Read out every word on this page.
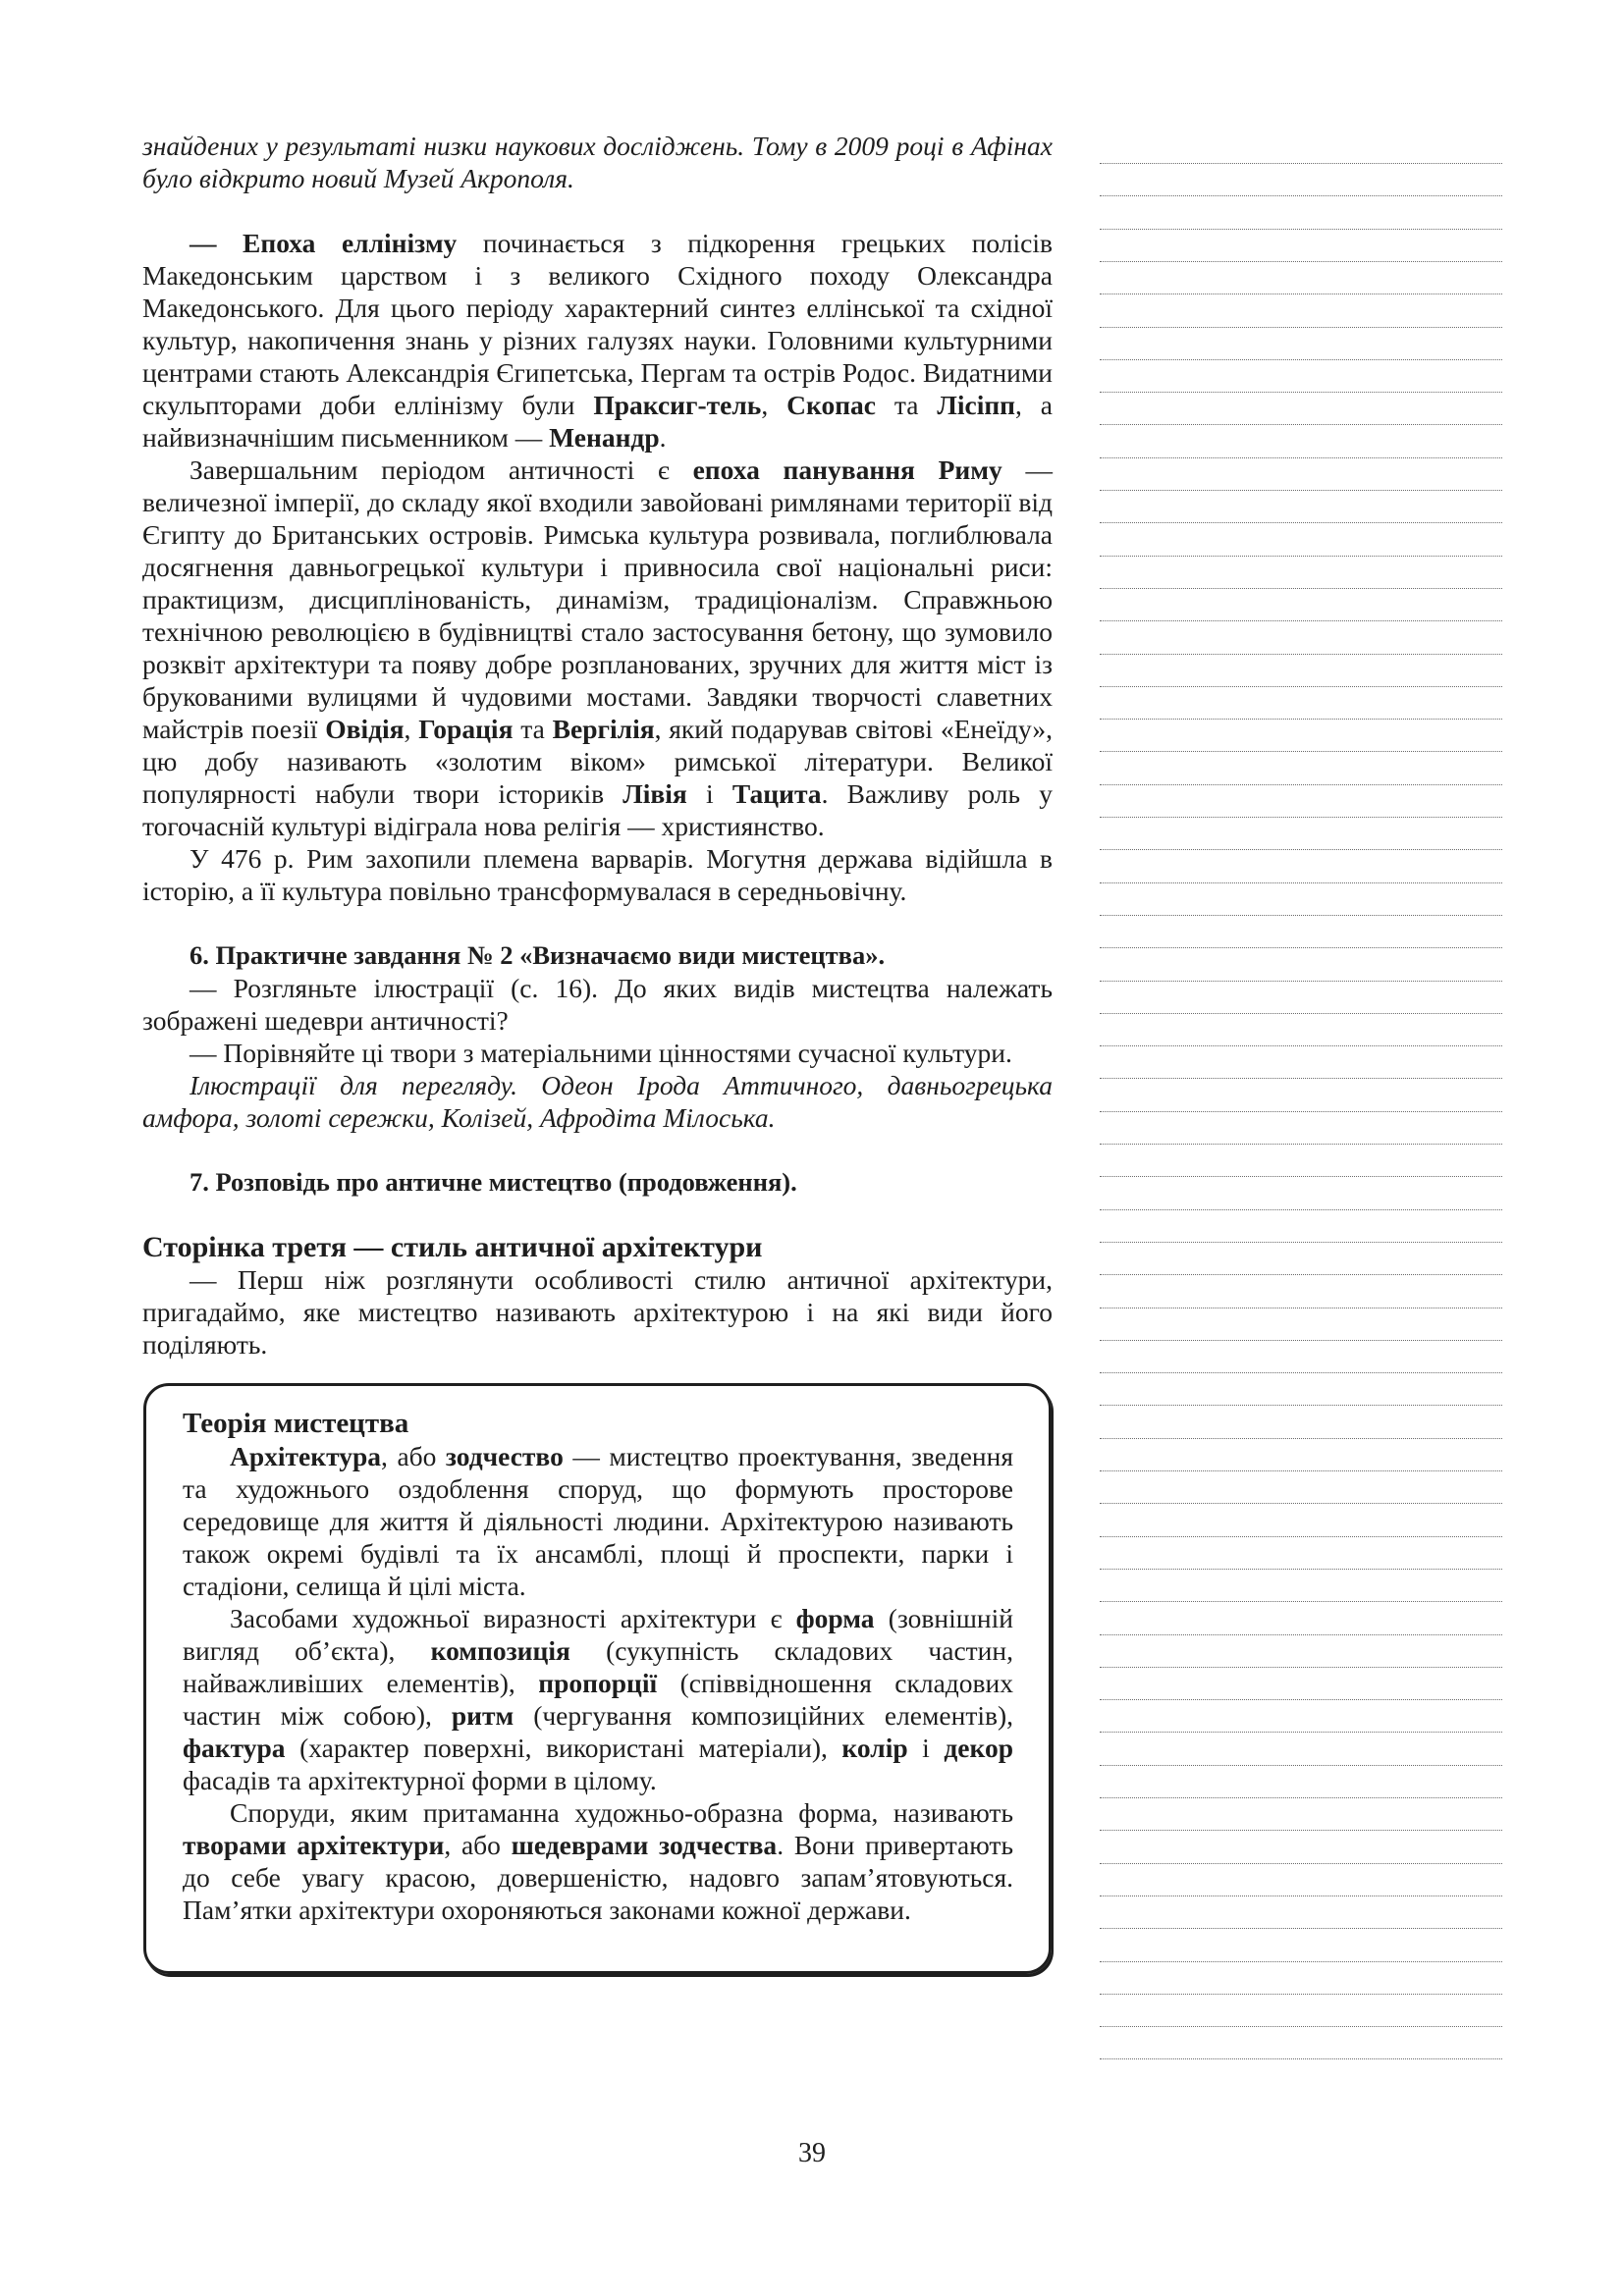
знайдених у результаті низки наукових досліджень. Тому в 2009 році в Афінах було відкрито новий Музей Акрополя.

— Епоха еллінізму починається з підкорення грецьких полісів Македонським царством і з великого Східного походу Олександра Македонського. Для цього періоду характерний синтез еллінської та східної культур, накопичення знань у різних галузях науки. Головними культурними центрами стають Александрія Єгипетська, Пергам та острів Родос. Видатними скульпторами доби еллінізму були Праксиг-тель, Скопас та Лісіпп, а найвизначнішим письменником — Менандр.

Завершальним періодом античності є епоха панування Риму — величезної імперії, до складу якої входили завойовані римлянами території від Єгипту до Британських островів. Римська культура розвивала, поглиблювала досягнення давньогрецької культури і привносила свої національні риси: практицизм, дисциплінованість, динамізм, традиціоналізм. Справжньою технічною революцією в будівництві стало застосування бетону, що зумовило розквіт архітектури та появу добре розпланованих, зручних для життя міст із брукованими вулицями й чудовими мостами. Завдяки творчості славетних майстрів поезії Овідія, Горація та Вергілія, який подарував світові «Енеїду», цю добу називають «золотим віком» римської літератури. Великої популярності набули твори істориків Лівія і Тацита. Важливу роль у тогочасній культурі відіграла нова релігія — християнство.

У 476 р. Рим захопили племена варварів. Могутня держава відійшла в історію, а її культура повільно трансформувалася в середньовічну.

6. Практичне завдання № 2 «Визначаємо види мистецтва».

— Розгляньте ілюстрації (с. 16). До яких видів мистецтва належать зображені шедеври античності?

— Порівняйте ці твори з матеріальними цінностями сучасної культури.

Ілюстрації для перегляду. Одеон Ірода Аттичного, давньогрецька амфора, золоті сережки, Колізей, Афродіта Мілоська.

7. Розповідь про античне мистецтво (продовження).

Сторінка третя — стиль античної архітектури

— Перш ніж розглянути особливості стилю античної архітектури, пригадаймо, яке мистецтво називають архітектурою і на які види його поділяють.

Теорія мистецтва

Архітектура, або зодчество — мистецтво проектування, зведення та художнього оздоблення споруд, що формують просторове середовище для життя й діяльності людини. Архітектурою називають також окремі будівлі та їх ансамблі, площі й проспекти, парки і стадіони, селища й цілі міста.

Засобами художньої виразності архітектури є форма (зовнішній вигляд об’єкта), композиція (сукупність складових частин, найважливіших елементів), пропорції (співвідношення складових частин між собою), ритм (чергування композиційних елементів), фактура (характер поверхні, використані матеріали), колір і декор фасадів та архітектурної форми в цілому.

Споруди, яким притаманна художньо-образна форма, називають творами архітектури, або шедеврами зодчества. Вони привертають до себе увагу красою, довершеністю, надовго запам’ятовуються. Пам’ятки архітектури охороняються законами кожної держави.

39
